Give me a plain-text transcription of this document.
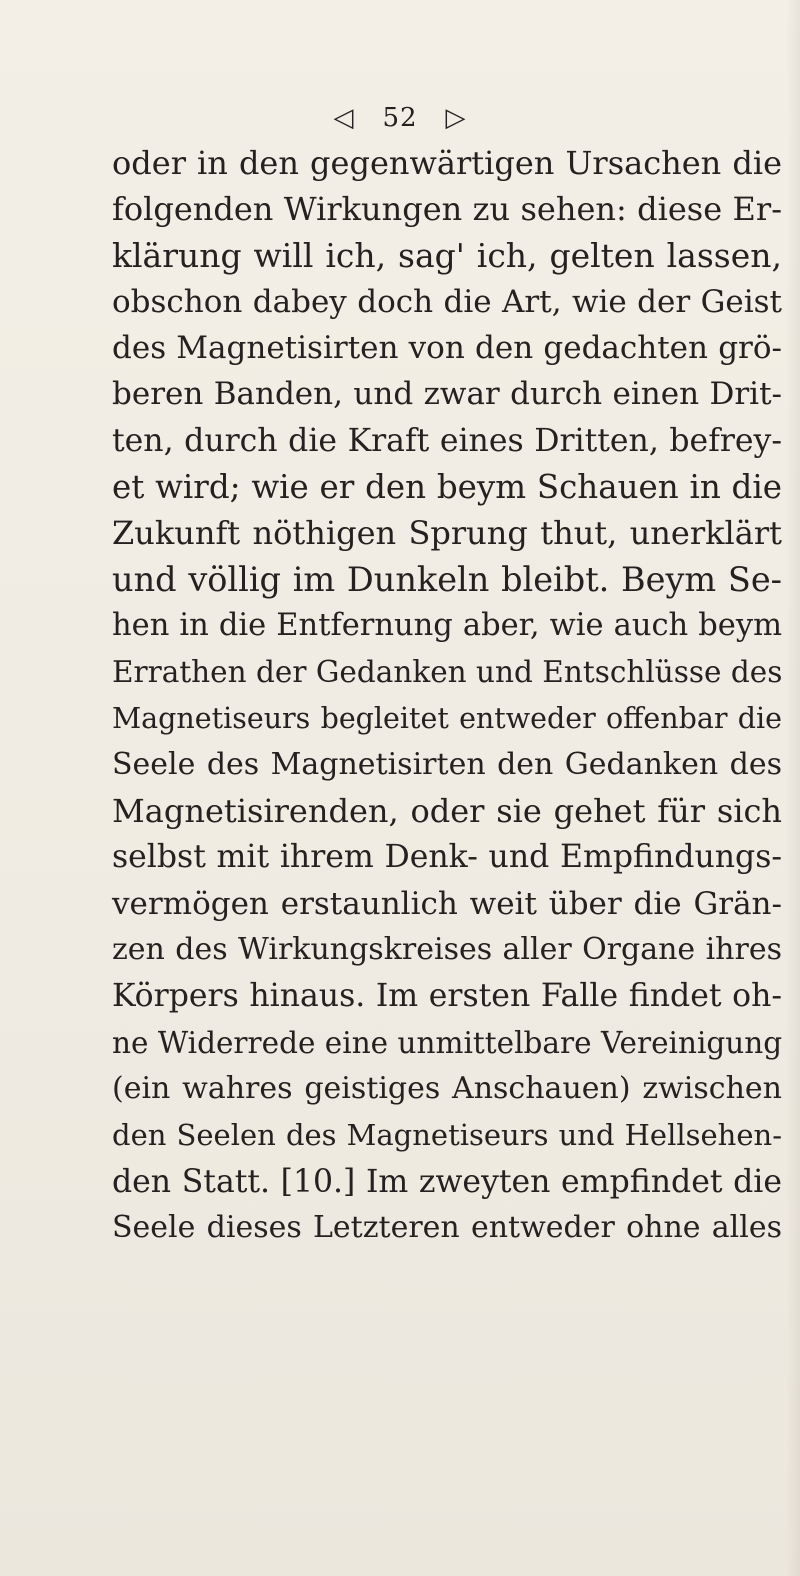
◁ 52 ▷
oder in den gegenwärtigen Ursachen die
folgenden Wirkungen zu sehen: diese Er-
klärung will ich, sag' ich, gelten lassen,
obschon dabey doch die Art, wie der Geist
des Magnetisirten von den gedachten grö-
beren Banden, und zwar durch einen Drit-
ten, durch die Kraft eines Dritten, befrey-
et wird; wie er den beym Schauen in die
Zukunft nöthigen Sprung thut, unerklärt
und völlig im Dunkeln bleibt. Beym Se-
hen in die Entfernung aber, wie auch beym
Errathen der Gedanken und Entschlüsse des
Magnetiseurs begleitet entweder offenbar die
Seele des Magnetisirten den Gedanken des
Magnetisirenden, oder sie gehet für sich
selbst mit ihrem Denk- und Empfindungs-
vermögen erstaunlich weit über die Grän-
zen des Wirkungskreises aller Organe ihres
Körpers hinaus. Im ersten Falle findet oh-
ne Widerrede eine unmittelbare Vereinigung
(ein wahres geistiges Anschauen) zwischen
den Seelen des Magnetiseurs und Hellsehen-
den Statt. [10.] Im zweyten empfindet die
Seele dieses Letzteren entweder ohne alles
